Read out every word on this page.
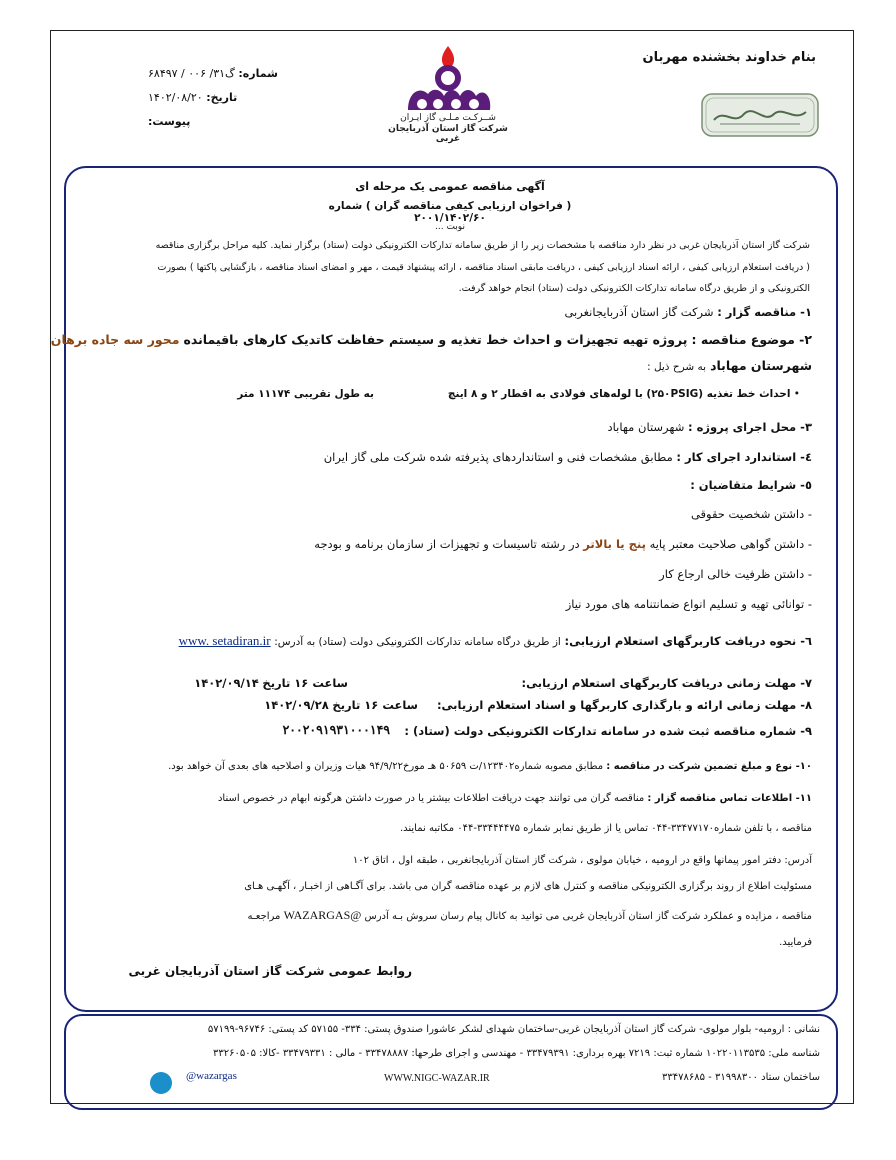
بنام خداوند بخشنده مهربان
شماره: گ۳۱/ ۰۰۶ / ۶۸۴۹۷
تاریخ: ۱۴۰۲/۰۸/۲۰
پیوست:	شــرکـت مـلـی گاز ایـران
شرکت گاز استان آذربایجان غربی
آگهی مناقصه عمومی یک مرحله ای
( فراخوان ارزیابی کیفی مناقصه گران ) شماره ۲۰۰۱/۱۴۰۲/۶۰
نوبت ...
شرکت گاز استان آذربایجان غربی در نظر دارد مناقصه با مشخصات زیر را از طریق سامانه تدارکات الکترونیکی دولت (ستاد) برگزار نماید. کلیه مراحل برگزاری مناقصه
( دریافت استعلام ارزیابی کیفی ، ارائه اسناد ارزیابی کیفی ، دریافت مابقی اسناد مناقصه ، ارائه پیشنهاد قیمت ، مهر و امضای اسناد مناقصه ، بازگشایی پاکتها ) بصورت
الکترونیکی و از طریق درگاه سامانه تدارکات الکترونیکی دولت (ستاد) انجام خواهد گرفت.
۱- مناقصه گزار : شرکت گاز استان آذربایجانغربی
۲- موضوع مناقصه : پروژه تهیه تجهیزات و احداث خط تغذیه و سیستم حفاظت کاتدیک کارهای باقیمانده محور سه جاده برهان
شهرستان مهاباد به شرح ذیل :
• احداث خط تغذیه (۲۵۰PSIG) با لوله‌های فولادی به اقطار ۲ و ۸ اینچ
به طول تقریبی ۱۱۱۷۴ متر
۳- محل اجرای پروژه : شهرستان مهاباد
٤- استاندارد اجرای کار : مطابق مشخصات فنی و استانداردهای پذیرفته شده شرکت ملی گاز ایران
٥- شرایط متقاضیان :
- داشتن شخصیت حقوقی
- داشتن گواهی صلاحیت معتبر پایه پنج یا بالاتر در رشته تاسیسات و تجهیزات از سازمان برنامه و بودجه
- داشتن ظرفیت خالی ارجاع کار
- توانائی تهیه و تسلیم انواع ضمانتنامه های مورد نیاز
٦- نحوه دریافت کاربرگهای استعلام ارزیابی: از طریق درگاه سامانه تدارکات الکترونیکی دولت (ستاد) به آدرس: www. setadiran.ir
۷- مهلت زمانی دریافت کاربرگهای استعلام ارزیابی:
ساعت ۱۶ تاریخ ۱۴۰۲/۰۹/۱۴
۸- مهلت زمانی ارائه و بارگذاری کاربرگها و اسناد استعلام ارزیابی:
ساعت ۱۶ تاریخ ۱۴۰۲/۰۹/۲۸
۹- شماره مناقصه ثبت شده در سامانه تدارکات الکترونیکی دولت (ستاد) :
۲۰۰۲۰۹۱۹۳۱۰۰۰۱۴۹
۱۰- نوع و مبلغ تضمین شرکت در مناقصه : مطابق مصوبه شماره۱۲۳۴۰۲/ت ۵۰۶۵۹ هـ مورخ۹۴/۹/۲۲ هیات وزیران و اصلاحیه های بعدی آن خواهد بود.
۱۱- اطلاعات تماس مناقصه گزار : مناقصه گران می توانند جهت دریافت اطلاعات بیشتر یا در صورت داشتن هرگونه ابهام در خصوص اسناد
مناقصه ، با تلفن شماره۳۳۴۷۷۱۷۰-۰۴۴ تماس یا از طریق نمابر شماره ۳۳۴۴۴۴۷۵-۰۴۴ مکاتبه نمایند.
آدرس: دفتر امور پیمانها واقع در ارومیه ، خیابان مولوی ، شرکت گاز استان آذربایجانغربی ، طبقه اول ، اتاق ۱۰۲
مسئولیت اطلاع از روند برگزاری الکترونیکی مناقصه و کنترل های لازم بر عهده مناقصه گران می باشد. برای آگـاهی از اخبـار ، آگهـی هـای
مناقصه ، مزایده و عملکرد شرکت گاز استان آذربایجان غربی می توانید به کانال پیام رسان سروش بـه آدرس @WAZARGAS مراجعـه
فرمایید.
روابط عمومی شرکت گاز استان آذربایجان غربی
نشانی : ارومیه- بلوار مولوی- شرکت گاز استان آذربایجان غربی-ساختمان شهدای لشکر عاشورا صندوق پستی: ۳۳۴- ۵۷۱۵۵ کد پستی: ۹۶۷۴۶-۵۷۱۹۹
شناسه ملی: ۱۰۲۲۰۱۱۳۵۳۵ شماره ثبت: ۷۲۱۹ بهره برداری: ۳۳۴۷۹۳۹۱ - مهندسی و اجرای طرحها: ۳۳۴۷۸۸۸۷ - مالی : ۳۳۴۷۹۳۳۱ -کالا: ۳۳۲۶۰۵۰۵
ساختمان ستاد ۳۱۹۹۸۳۰۰ - ۳۳۴۷۸۶۸۵
WWW.NIGC-WAZAR.IR
@wazargas
